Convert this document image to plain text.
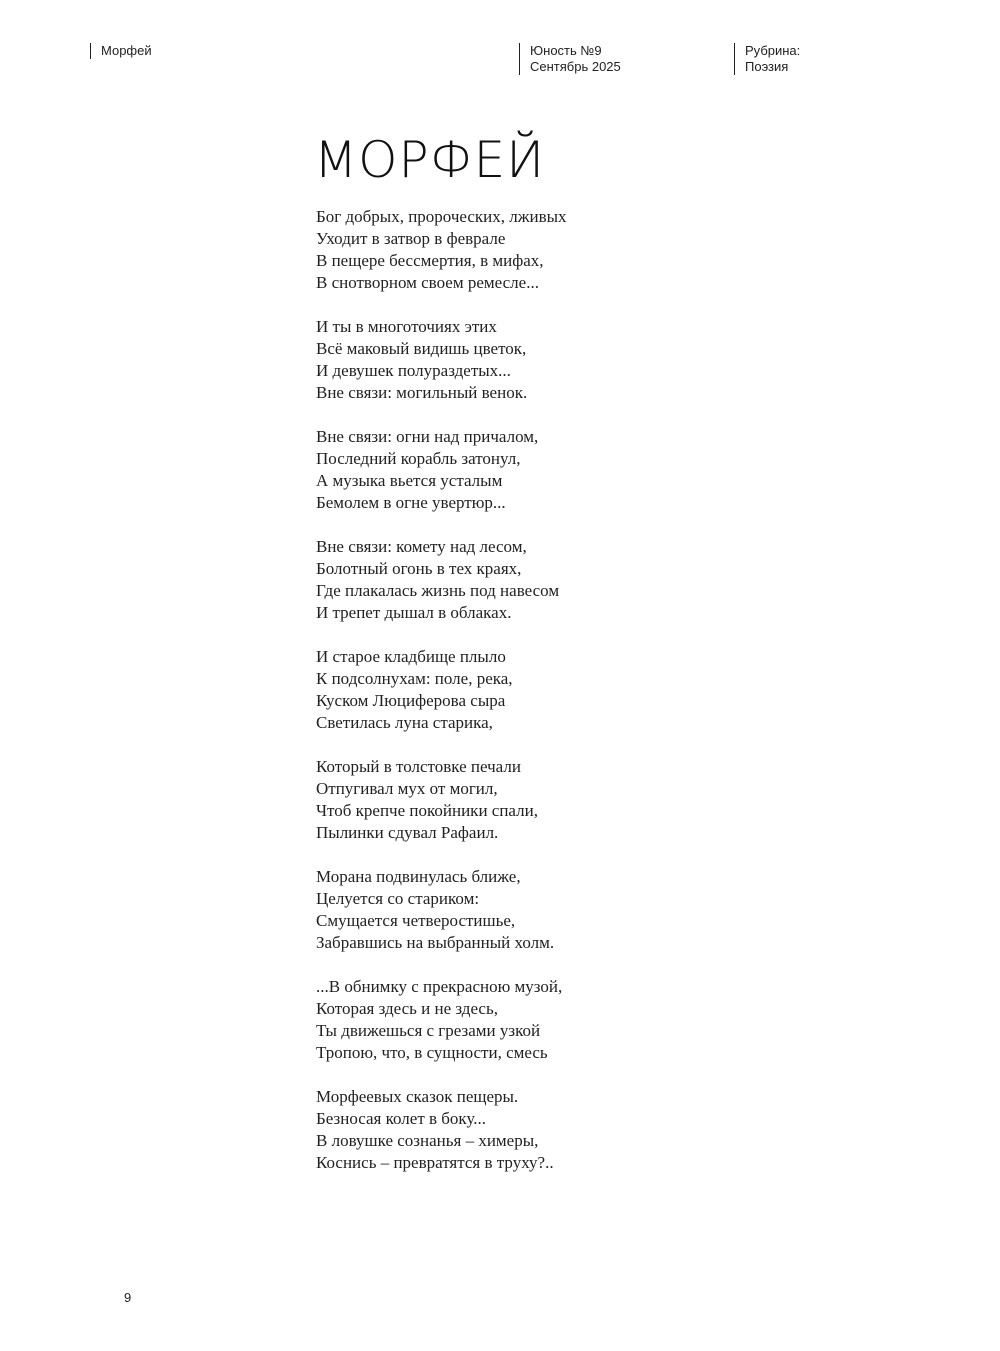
Морфей	Юность №9
Сентябрь 2025
Рубрина:
Поэзия
МОРФЕЙ
Бог добрых, пророческих, лживых
Уходит в затвор в феврале
В пещере бессмертия, в мифах,
В снотворном своем ремесле...
И ты в многоточиях этих
Всё маковый видишь цветок,
И девушек полураздетых...
Вне связи: могильный венок.
Вне связи: огни над причалом,
Последний корабль затонул,
А музыка вьется усталым
Бемолем в огне увертюр...
Вне связи: комету над лесом,
Болотный огонь в тех краях,
Где плакалась жизнь под навесом
И трепет дышал в облаках.
И старое кладбище плыло
К подсолнухам: поле, река,
Куском Люциферова сыра
Светилась луна старика,
Который в толстовке печали
Отпугивал мух от могил,
Чтоб крепче покойники спали,
Пылинки сдувал Рафаил.
Морана подвинулась ближе,
Целуется со стариком:
Смущается четверостишье,
Забравшись на выбранный холм.
...В обнимку с прекрасною музой,
Которая здесь и не здесь,
Ты движешься с грезами узкой
Тропою, что, в сущности, смесь
Морфеевых сказок пещеры.
Безносая колет в боку...
В ловушке сознанья – химеры,
Коснись – превратятся в труху?..
9
